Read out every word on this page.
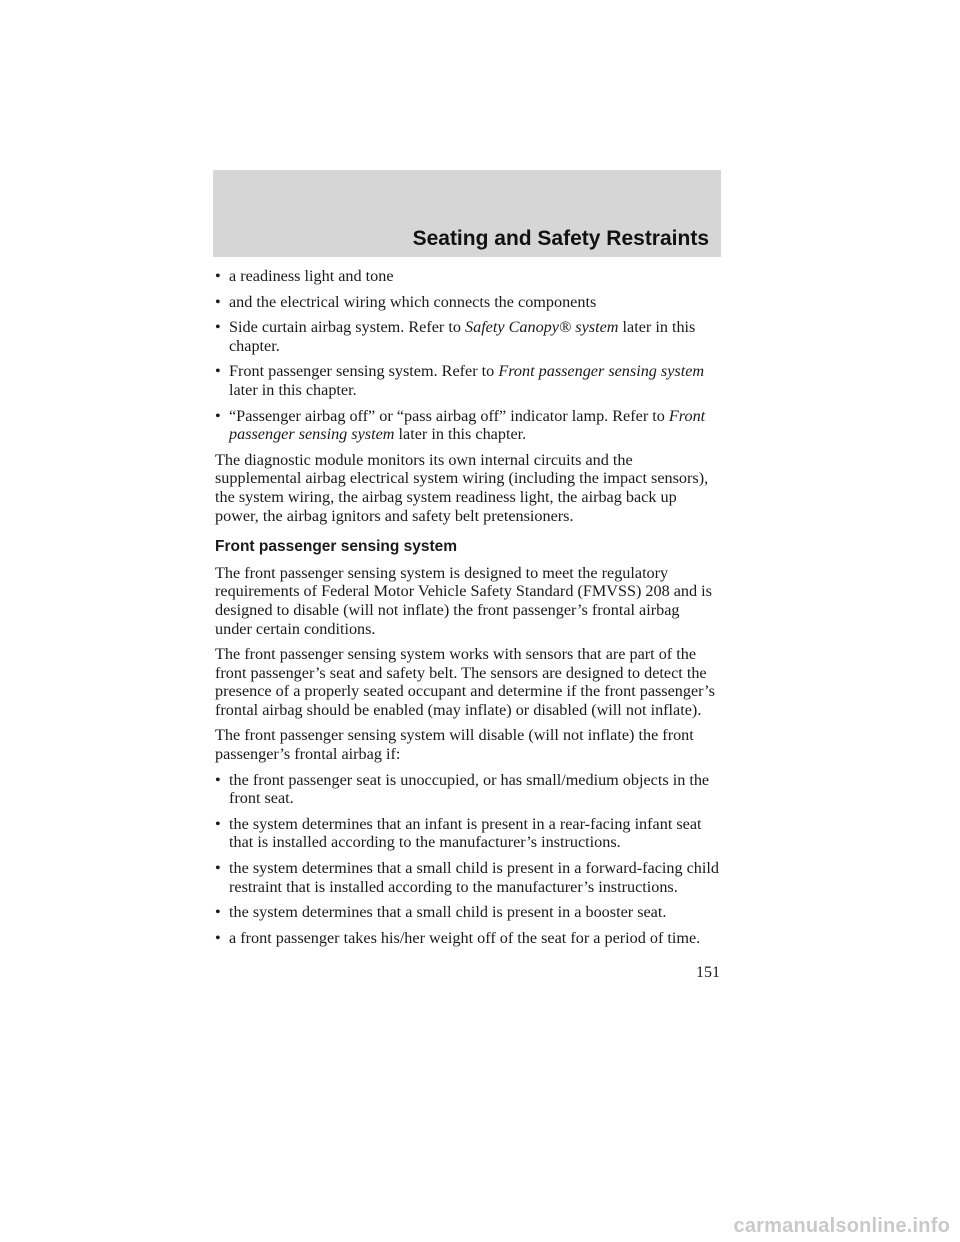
Seating and Safety Restraints
• a readiness light and tone
• and the electrical wiring which connects the components
• Side curtain airbag system. Refer to Safety Canopy® system later in this chapter.
• Front passenger sensing system. Refer to Front passenger sensing system later in this chapter.
• “Passenger airbag off” or “pass airbag off” indicator lamp. Refer to Front passenger sensing system later in this chapter.

The diagnostic module monitors its own internal circuits and the supplemental airbag electrical system wiring (including the impact sensors), the system wiring, the airbag system readiness light, the airbag back up power, the airbag ignitors and safety belt pretensioners.

Front passenger sensing system

The front passenger sensing system is designed to meet the regulatory requirements of Federal Motor Vehicle Safety Standard (FMVSS) 208 and is designed to disable (will not inflate) the front passenger’s frontal airbag under certain conditions.

The front passenger sensing system works with sensors that are part of the front passenger’s seat and safety belt. The sensors are designed to detect the presence of a properly seated occupant and determine if the front passenger’s frontal airbag should be enabled (may inflate) or disabled (will not inflate).

The front passenger sensing system will disable (will not inflate) the front passenger’s frontal airbag if:

• the front passenger seat is unoccupied, or has small/medium objects in the front seat.
• the system determines that an infant is present in a rear-facing infant seat that is installed according to the manufacturer’s instructions.
• the system determines that a small child is present in a forward-facing child restraint that is installed according to the manufacturer’s instructions.
• the system determines that a small child is present in a booster seat.
• a front passenger takes his/her weight off of the seat for a period of time.
151
carmanualsonline.info
